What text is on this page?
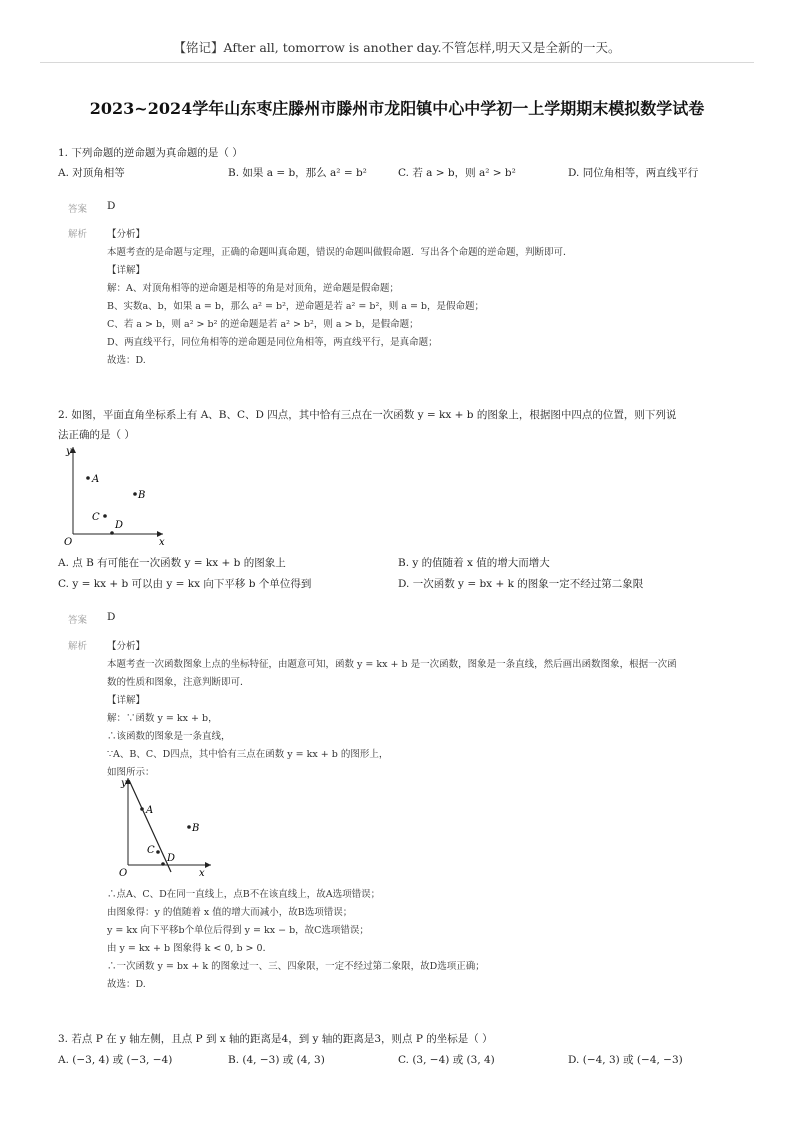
【铭记】After all, tomorrow is another day.不管怎样,明天又是全新的一天。
2023~2024学年山东枣庄滕州市滕州市龙阳镇中心中学初一上学期期末模拟数学试卷
1. 下列命题的逆命题为真命题的是（ ）
A. 对顶角相等	B. 如果 a = b，那么 a² = b²	C. 若 a > b，则 a² > b²	D. 同位角相等，两直线平行
答案 D
解析 【分析】
本题考查的是命题与定理，正确的命题叫真命题，错误的命题叫做假命题．写出各个命题的逆命题，判断即可．
【详解】
解：A、对顶角相等的逆命题是相等的角是对顶角，逆命题是假命题；
B、实数a、b，如果 a = b，那么 a² = b²，逆命题是若 a² = b²，则 a = b，是假命题；
C、若 a > b，则 a² > b² 的逆命题是若 a² > b²，则 a > b，是假命题；
D、两直线平行，同位角相等的逆命题是同位角相等，两直线平行，是真命题；
故选：D.
2. 如图，平面直角坐标系上有 A、B、C、D 四点，其中恰有三点在一次函数 y = kx + b 的图象上，根据图中四点的位置，则下列说
法正确的是（ ）
y
x
O
A
B
C
D
A. 点 B 有可能在一次函数 y = kx + b 的图象上	B. y 的值随着 x 值的增大而增大
C. y = kx + b 可以由 y = kx 向下平移 b 个单位得到	D. 一次函数 y = bx + k 的图象一定不经过第二象限
答案 D
解析 【分析】
本题考查一次函数图象上点的坐标特征，由题意可知，函数 y = kx + b 是一次函数，图象是一条直线，然后画出函数图象，根据一次函
数的性质和图象，注意判断即可．
【详解】
解：∵函数 y = kx + b，
∴该函数的图象是一条直线，
∵A、B、C、D四点，其中恰有三点在函数 y = kx + b 的图形上，
如图所示：
y
x
O
A
B
C
D
∴点A、C、D在同一直线上，点B不在该直线上，故A选项错误；
由图象得：y 的值随着 x 值的增大而减小，故B选项错误；
y = kx 向下平移b个单位后得到 y = kx − b，故C选项错误；
由 y = kx + b 图象得 k < 0, b > 0．
∴一次函数 y = bx + k 的图象过一、三、四象限，一定不经过第二象限，故D选项正确；
故选：D.
3. 若点 P 在 y 轴左侧，且点 P 到 x 轴的距离是4，到 y 轴的距离是3，则点 P 的坐标是（ ）
A. (−3, 4) 或 (−3, −4)	B. (4, −3) 或 (4, 3)	C. (3, −4) 或 (3, 4)	D. (−4, 3) 或 (−4, −3)
